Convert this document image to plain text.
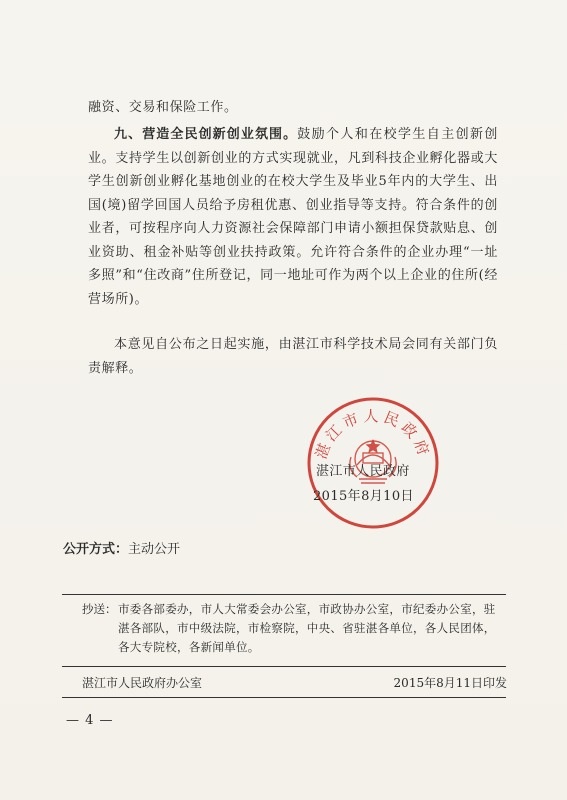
融资、交易和保险工作。

九、营造全民创新创业氛围。鼓励个人和在校学生自主创新创业。支持学生以创新创业的方式实现就业，凡到科技企业孵化器或大学生创新创业孵化基地创业的在校大学生及毕业5年内的大学生、出国(境)留学回国人员给予房租优惠、创业指导等支持。符合条件的创业者，可按程序向人力资源社会保障部门申请小额担保贷款贴息、创业资助、租金补贴等创业扶持政策。允许符合条件的企业办理“一址多照”和“住改商”住所登记，同一地址可作为两个以上企业的住所(经营场所)。

本意见自公布之日起实施，由湛江市科学技术局会同有关部门负责解释。

湛江市人民政府

湛江市人民政府

2015年8月10日

公开方式：主动公开

抄送： 市委各部委办，市人大常委会办公室，市政协办公室，市纪委办公室，驻湛各部队，市中级法院，市检察院，中央、省驻湛各单位，各人民团体，各大专院校，各新闻单位。

湛江市人民政府办公室	2015年8月11日印发

— 4 —
